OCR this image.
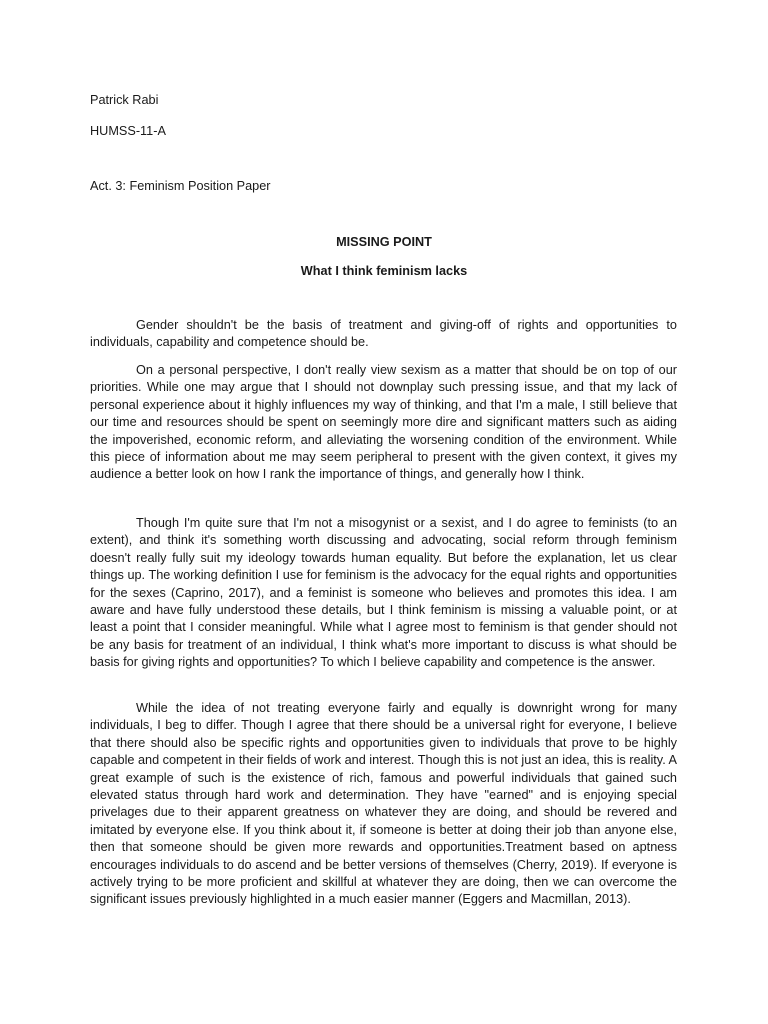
Patrick Rabi

HUMSS-11-A

Act. 3: Feminism Position Paper

MISSING POINT

What I think feminism lacks

Gender shouldn't be the basis of treatment and giving-off of rights and opportunities to individuals, capability and competence should be.

On a personal perspective, I don't really view sexism as a matter that should be on top of our priorities. While one may argue that I should not downplay such pressing issue, and that my lack of personal experience about it highly influences my way of thinking, and that I'm a male, I still believe that our time and resources should be spent on seemingly more dire and significant matters such as aiding the impoverished, economic reform, and alleviating the worsening condition of the environment. While this piece of information about me may seem peripheral to present with the given context, it gives my audience a better look on how I rank the importance of things, and generally how I think.

Though I'm quite sure that I'm not a misogynist or a sexist, and I do agree to feminists (to an extent), and think it's something worth discussing and advocating, social reform through feminism doesn't really fully suit my ideology towards human equality. But before the explanation, let us clear things up. The working definition I use for feminism is the advocacy for the equal rights and opportunities for the sexes (Caprino, 2017), and a feminist is someone who believes and promotes this idea. I am aware and have fully understood these details, but I think feminism is missing a valuable point, or at least a point that I consider meaningful. While what I agree most to feminism is that gender should not be any basis for treatment of an individual, I think what's more important to discuss is what should be basis for giving rights and opportunities? To which I believe capability and competence is the answer.

While the idea of not treating everyone fairly and equally is downright wrong for many individuals, I beg to differ. Though I agree that there should be a universal right for everyone, I believe that there should also be specific rights and opportunities given to individuals that prove to be highly capable and competent in their fields of work and interest. Though this is not just an idea, this is reality. A great example of such is the existence of rich, famous and powerful individuals that gained such elevated status through hard work and determination. They have "earned" and is enjoying special privelages due to their apparent greatness on whatever they are doing, and should be revered and imitated by everyone else. If you think about it, if someone is better at doing their job than anyone else, then that someone should be given more rewards and opportunities.Treatment based on aptness encourages individuals to do ascend and be better versions of themselves (Cherry, 2019). If everyone is actively trying to be more proficient and skillful at whatever they are doing, then we can overcome the significant issues previously highlighted in a much easier manner (Eggers and Macmillan, 2013).
